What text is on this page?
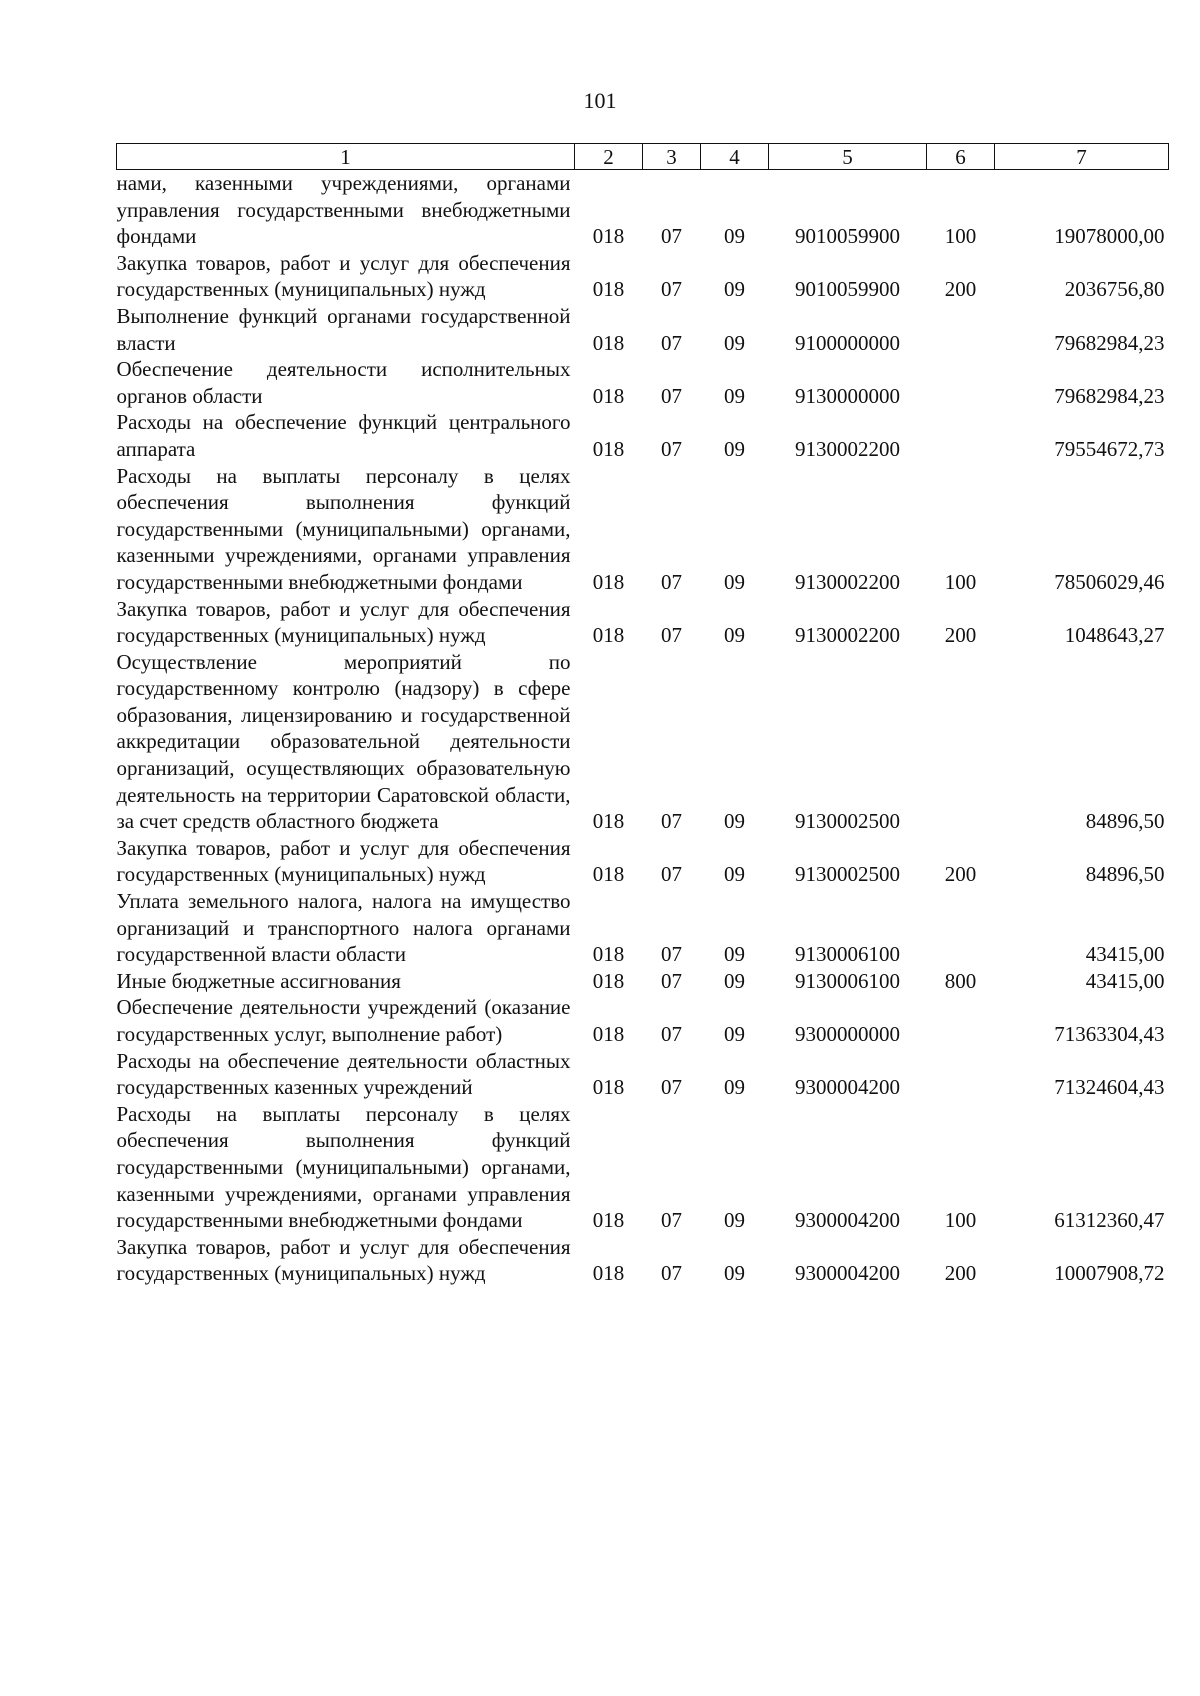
101
1	2	3	4	5	6	7
нами, казенными учреждениями, органами управления государственными внебюджетными фондами	018	07	09	9010059900	100	19078000,00
Закупка товаров, работ и услуг для обеспечения государственных (муниципальных) нужд	018	07	09	9010059900	200	2036756,80
Выполнение функций органами государственной власти	018	07	09	9100000000		79682984,23
Обеспечение деятельности исполнительных органов области	018	07	09	9130000000		79682984,23
Расходы на обеспечение функций центрального аппарата	018	07	09	9130002200		79554672,73
Расходы на выплаты персоналу в целях обеспечения выполнения функций государственными (муниципальными) органами, казенными учреждениями, органами управления государственными внебюджетными фондами	018	07	09	9130002200	100	78506029,46
Закупка товаров, работ и услуг для обеспечения государственных (муниципальных) нужд	018	07	09	9130002200	200	1048643,27
Осуществление мероприятий по государственному контролю (надзору) в сфере образования, лицензированию и государственной аккредитации образовательной деятельности организаций, осуществляющих образовательную деятельность на территории Саратовской области, за счет средств областного бюджета	018	07	09	9130002500		84896,50
Закупка товаров, работ и услуг для обеспечения государственных (муниципальных) нужд	018	07	09	9130002500	200	84896,50
Уплата земельного налога, налога на имущество организаций и транспортного налога органами государственной власти области	018	07	09	9130006100		43415,00
Иные бюджетные ассигнования	018	07	09	9130006100	800	43415,00
Обеспечение деятельности учреждений (оказание государственных услуг, выполнение работ)	018	07	09	9300000000		71363304,43
Расходы на обеспечение деятельности областных государственных казенных учреждений	018	07	09	9300004200		71324604,43
Расходы на выплаты персоналу в целях обеспечения выполнения функций государственными (муниципальными) органами, казенными учреждениями, органами управления государственными внебюджетными фондами	018	07	09	9300004200	100	61312360,47
Закупка товаров, работ и услуг для обеспечения государственных (муниципальных) нужд	018	07	09	9300004200	200	10007908,72
